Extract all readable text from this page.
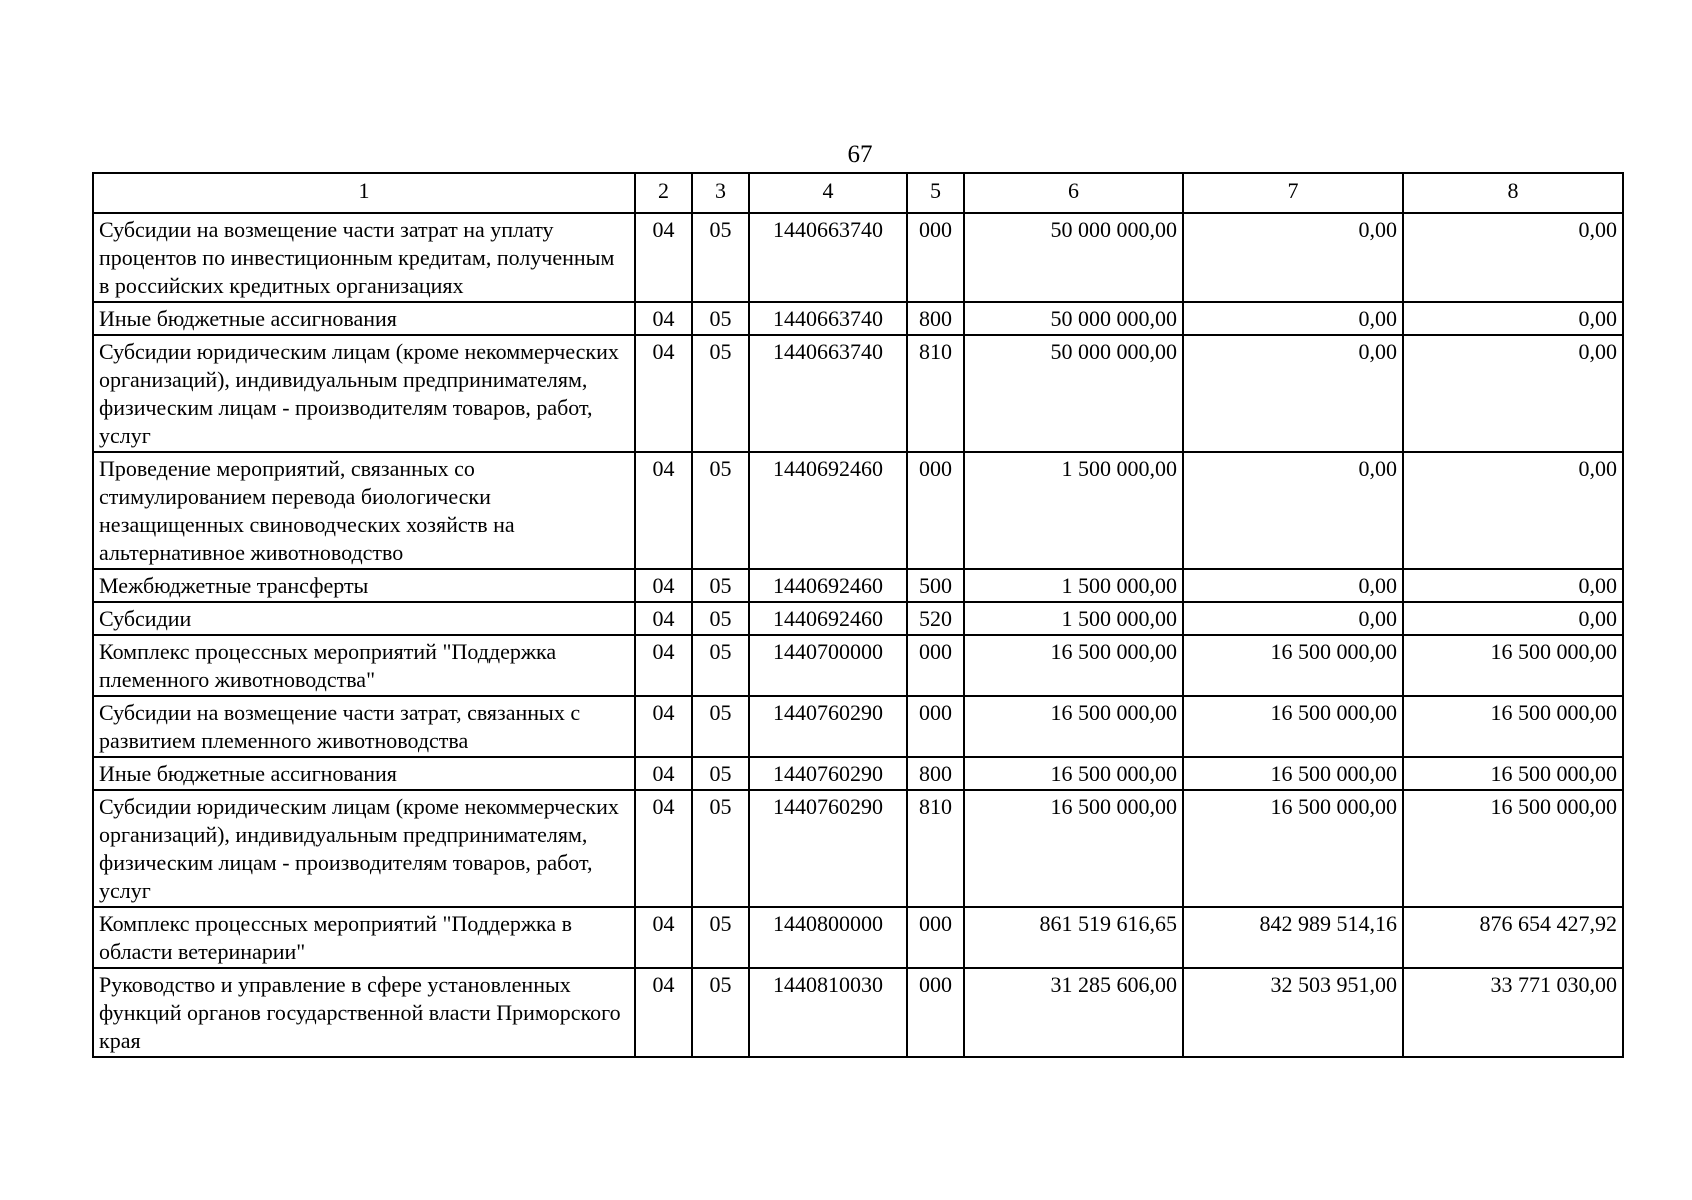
67
1	2	3	4	5	6	7	8
Субсидии на возмещение части затрат на уплату процентов по инвестиционным кредитам, полученным в российских кредитных организациях	04	05	1440663740	000	50 000 000,00	0,00	0,00
Иные бюджетные ассигнования	04	05	1440663740	800	50 000 000,00	0,00	0,00
Субсидии юридическим лицам (кроме некоммерческих организаций), индивидуальным предпринимателям, физическим лицам - производителям товаров, работ, услуг	04	05	1440663740	810	50 000 000,00	0,00	0,00
Проведение мероприятий, связанных со стимулированием перевода биологически незащищенных свиноводческих хозяйств на альтернативное животноводство	04	05	1440692460	000	1 500 000,00	0,00	0,00
Межбюджетные трансферты	04	05	1440692460	500	1 500 000,00	0,00	0,00
Субсидии	04	05	1440692460	520	1 500 000,00	0,00	0,00
Комплекс процессных мероприятий "Поддержка племенного животноводства"	04	05	1440700000	000	16 500 000,00	16 500 000,00	16 500 000,00
Субсидии на возмещение части затрат, связанных с развитием племенного животноводства	04	05	1440760290	000	16 500 000,00	16 500 000,00	16 500 000,00
Иные бюджетные ассигнования	04	05	1440760290	800	16 500 000,00	16 500 000,00	16 500 000,00
Субсидии юридическим лицам (кроме некоммерческих организаций), индивидуальным предпринимателям, физическим лицам - производителям товаров, работ, услуг	04	05	1440760290	810	16 500 000,00	16 500 000,00	16 500 000,00
Комплекс процессных мероприятий "Поддержка в области ветеринарии"	04	05	1440800000	000	861 519 616,65	842 989 514,16	876 654 427,92
Руководство и управление в сфере установленных функций органов государственной власти Приморского края	04	05	1440810030	000	31 285 606,00	32 503 951,00	33 771 030,00
